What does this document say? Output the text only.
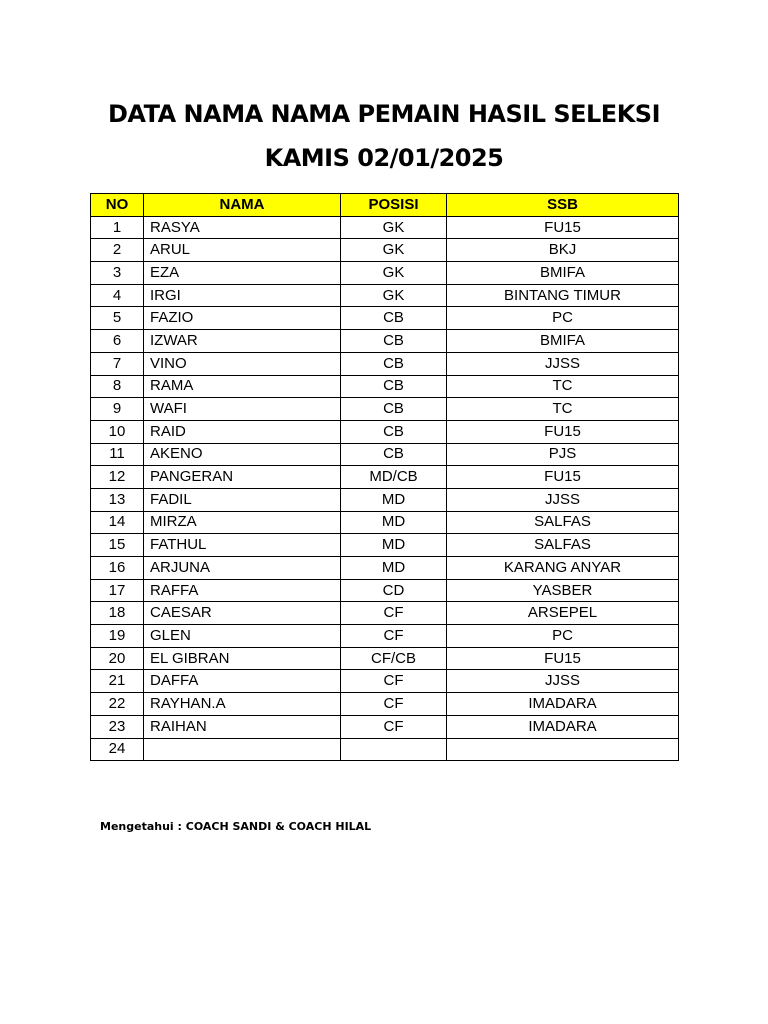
DATA NAMA NAMA PEMAIN HASIL SELEKSI

KAMIS 02/01/2025

NO	NAMA	POSISI	SSB
1	RASYA	GK	FU15
2	ARUL	GK	BKJ
3	EZA	GK	BMIFA
4	IRGI	GK	BINTANG TIMUR
5	FAZIO	CB	PC
6	IZWAR	CB	BMIFA
7	VINO	CB	JJSS
8	RAMA	CB	TC
9	WAFI	CB	TC
10	RAID	CB	FU15
11	AKENO	CB	PJS
12	PANGERAN	MD/CB	FU15
13	FADIL	MD	JJSS
14	MIRZA	MD	SALFAS
15	FATHUL	MD	SALFAS
16	ARJUNA	MD	KARANG ANYAR
17	RAFFA	CD	YASBER
18	CAESAR	CF	ARSEPEL
19	GLEN	CF	PC
20	EL GIBRAN	CF/CB	FU15
21	DAFFA	CF	JJSS
22	RAYHAN.A	CF	IMADARA
23	RAIHAN	CF	IMADARA
24			
Mengetahui : COACH SANDI & COACH HILAL
